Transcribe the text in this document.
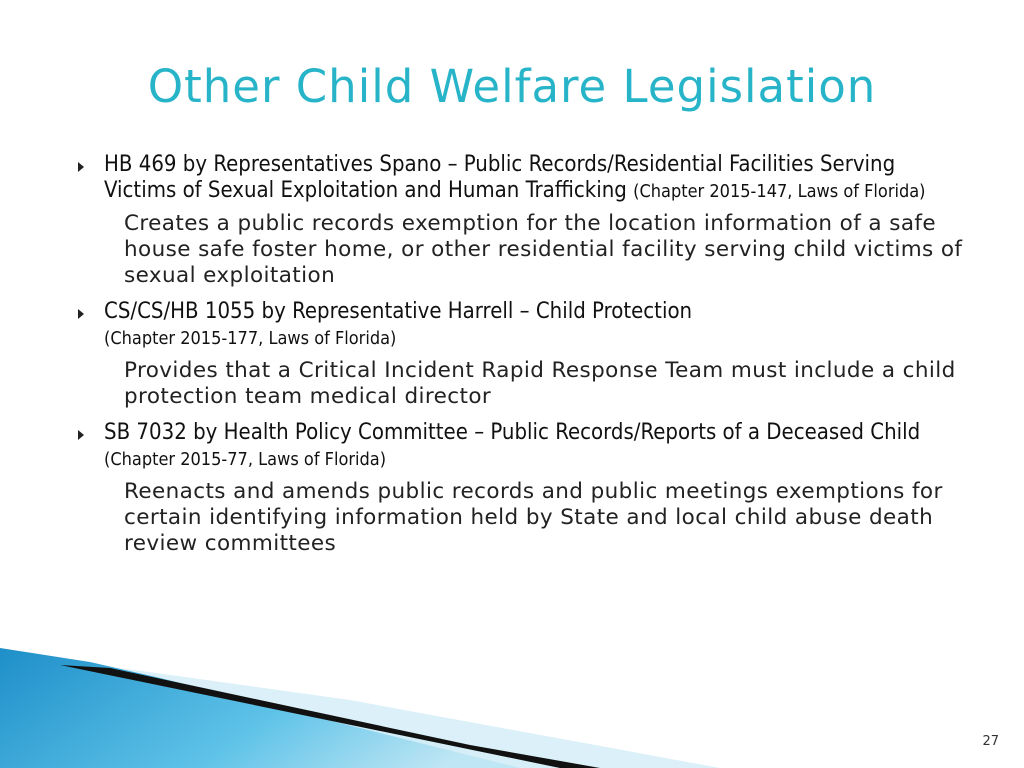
Other Child Welfare Legislation
HB 469 by Representatives Spano – Public Records/Residential Facilities Serving Victims of Sexual Exploitation and Human Trafficking (Chapter 2015-147, Laws of Florida)
Creates a public records exemption for the location information of a safe house safe foster home, or other residential facility serving child victims of sexual exploitation
CS/CS/HB 1055 by Representative Harrell – Child Protection
(Chapter 2015-177, Laws of Florida)
Provides that a Critical Incident Rapid Response Team must include a child protection team medical director
SB 7032 by Health Policy Committee – Public Records/Reports of a Deceased Child (Chapter 2015-77, Laws of Florida)
Reenacts and amends public records and public meetings exemptions for certain identifying information held by State and local child abuse death review committees
27
